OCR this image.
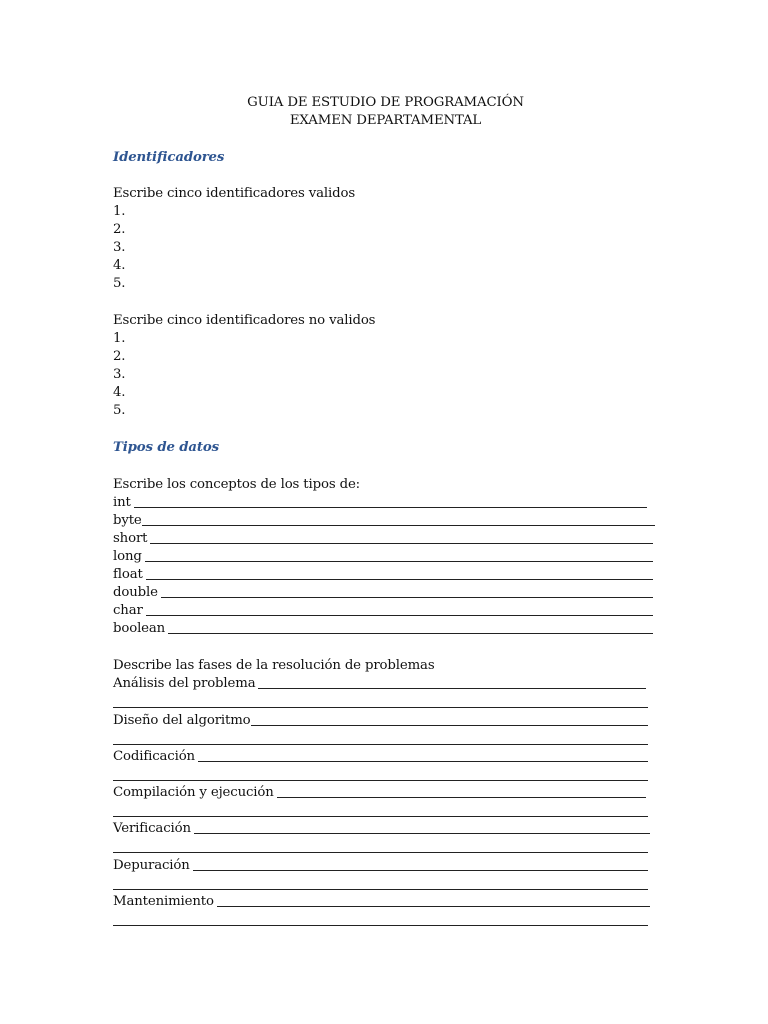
GUIA DE ESTUDIO DE PROGRAMACIÓN
EXAMEN DEPARTAMENTAL
Identificadores
Escribe cinco identificadores validos
1.
2.
3.
4.
5.
Escribe cinco identificadores no validos
1.
2.
3.
4.
5.
Tipos de datos
Escribe los conceptos de los tipos de:
int
byte
short
long
float
double
char
boolean
Describe las fases de la resolución de problemas
Análisis del problema
Diseño del algoritmo
Codificación
Compilación y ejecución
Verificación
Depuración
Mantenimiento
